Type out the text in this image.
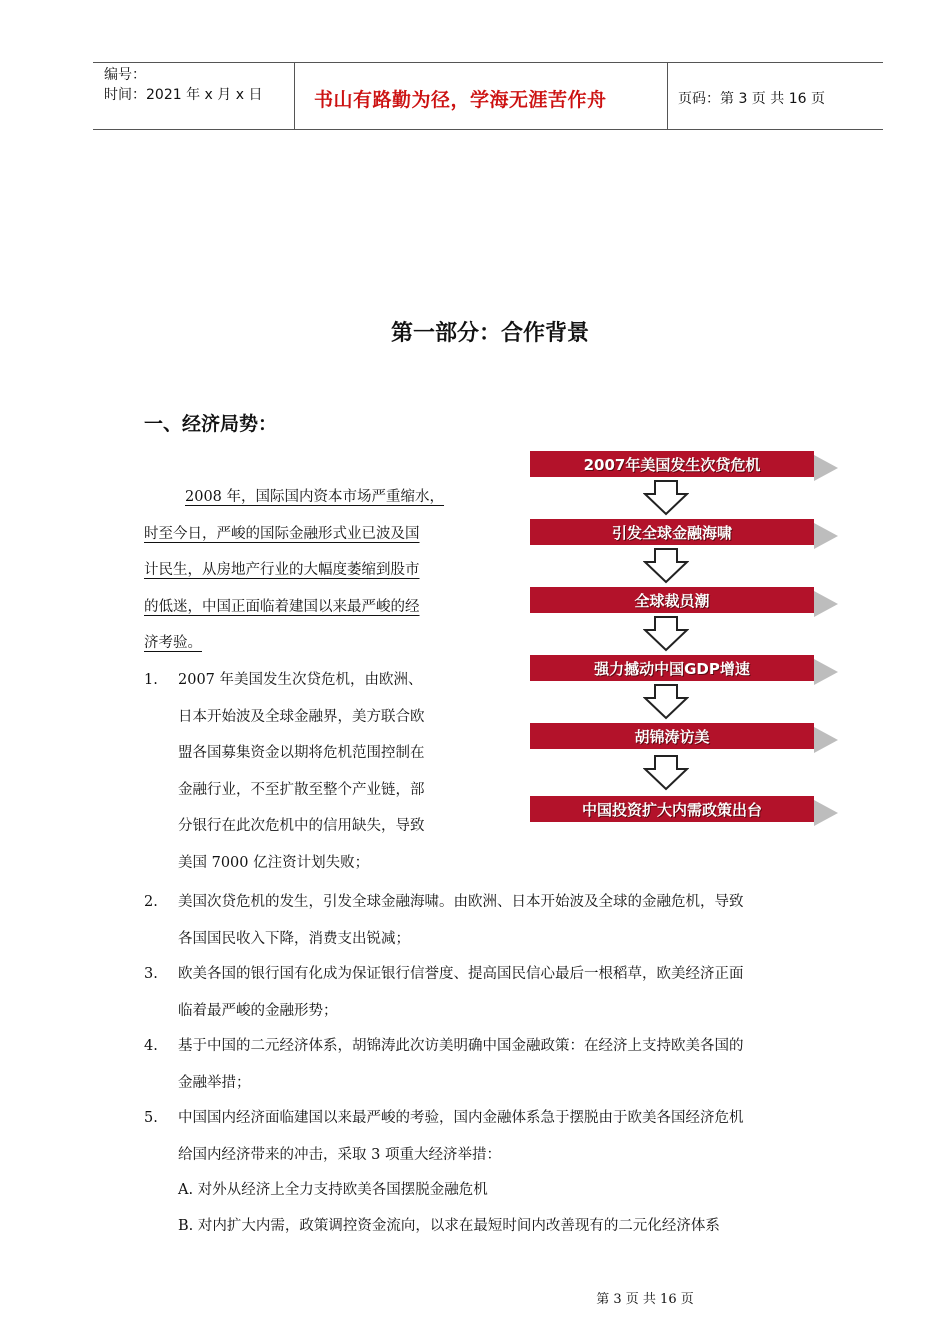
编号：
时间：2021 年 x 月 x 日	书山有路勤为径，学海无涯苦作舟	页码：第 3 页 共 16 页
第一部分：合作背景
一、经济局势：
2007年美国发生次贷危机
引发全球金融海啸
全球裁员潮
强力撼动中国GDP增速
胡锦涛访美
中国投资扩大内需政策出台
2008 年，国际国内资本市场严重缩水，
时至今日，严峻的国际金融形式业已波及国
计民生，从房地产行业的大幅度萎缩到股市
的低迷，中国正面临着建国以来最严峻的经
济考验。
1. 2007 年美国发生次贷危机，由欧洲、
日本开始波及全球金融界，美方联合欧
盟各国募集资金以期将危机范围控制在
金融行业，不至扩散至整个产业链，部
分银行在此次危机中的信用缺失，导致
美国 7000 亿注资计划失败；
2. 美国次贷危机的发生，引发全球金融海啸。由欧洲、日本开始波及全球的金融危机，导致
各国国民收入下降，消费支出锐减；
3. 欧美各国的银行国有化成为保证银行信誉度、提高国民信心最后一根稻草，欧美经济正面
临着最严峻的金融形势；
4. 基于中国的二元经济体系，胡锦涛此次访美明确中国金融政策：在经济上支持欧美各国的
金融举措；
5. 中国国内经济面临建国以来最严峻的考验，国内金融体系急于摆脱由于欧美各国经济危机
给国内经济带来的冲击，采取 3 项重大经济举措：
A. 对外从经济上全力支持欧美各国摆脱金融危机
B. 对内扩大内需，政策调控资金流向，以求在最短时间内改善现有的二元化经济体系
第 3 页 共 16 页
